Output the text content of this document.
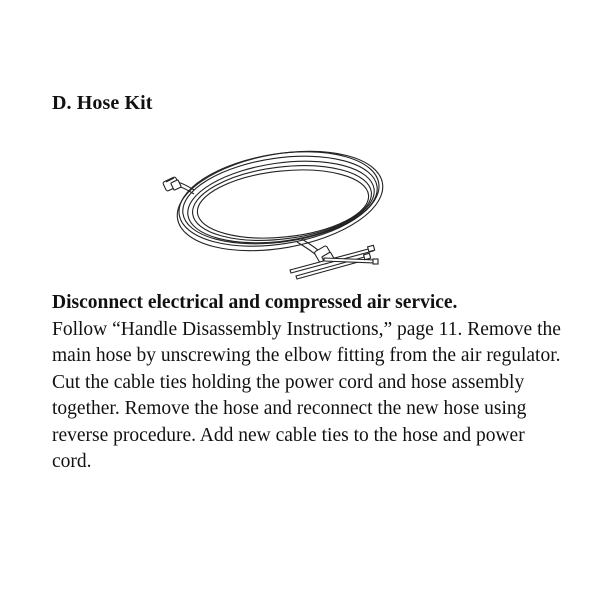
D. Hose Kit
Disconnect electrical and compressed air service.
Follow “Handle Disassembly Instructions,” page 11. Remove the main hose by unscrewing the elbow fitting from the air regulator. Cut the cable ties holding the power cord and hose assembly together. Remove the hose and reconnect the new hose using reverse procedure. Add new cable ties to the hose and power cord.
